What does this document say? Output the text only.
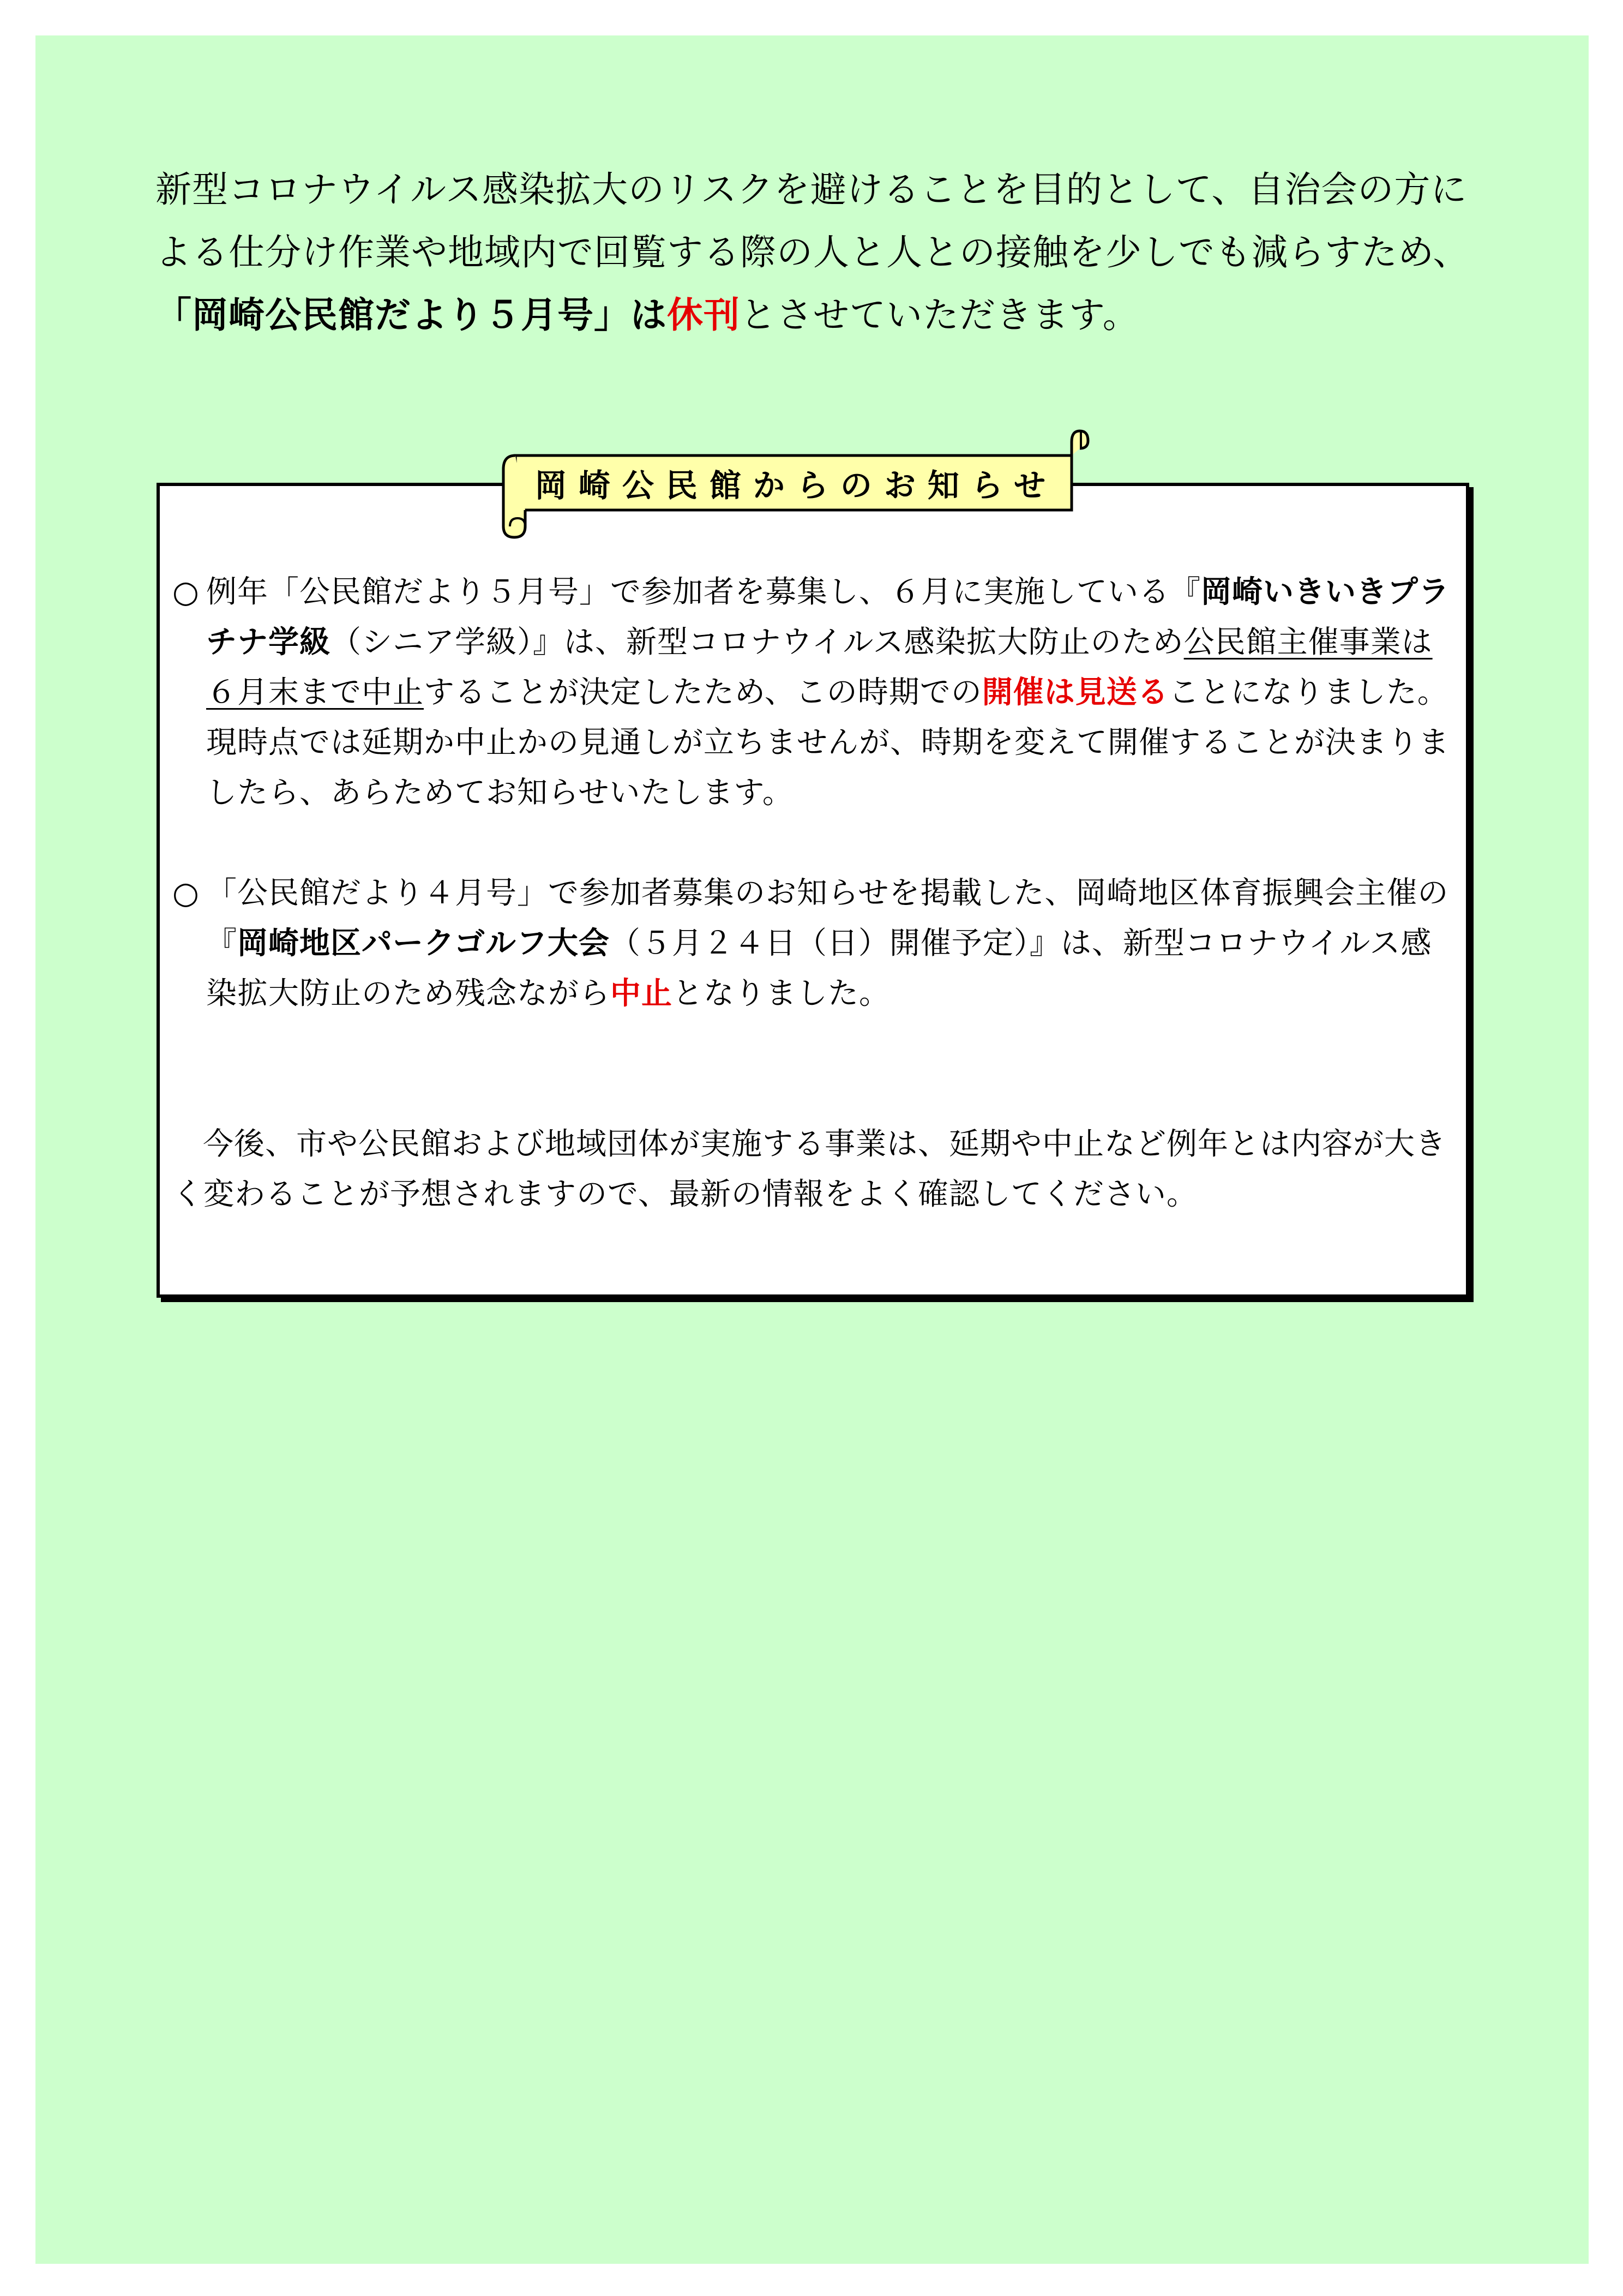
新型コロナウイルス感染拡大のリスクを避けることを目的として、自治会の方による仕分け作業や地域内で回覧する際の人と人との接触を少しでも減らすため、「岡崎公民館だより５月号」は休刊とさせていただきます。

岡崎公民館からのお知らせ
○ 例年「公民館だより５月号」で参加者を募集し、６月に実施している『岡崎いきいきプラチナ学級（シニア学級）』は、新型コロナウイルス感染拡大防止のため公民館主催事業は６月末まで中止することが決定したため、この時期での開催は見送ることになりました。

現時点では延期か中止かの見通しが立ちませんが、時期を変えて開催することが決まりましたら、あらためてお知らせいたします。

○ 「公民館だより４月号」で参加者募集のお知らせを掲載した、岡崎地区体育振興会主催の『岡崎地区パークゴルフ大会（５月２４日（日）開催予定）』は、新型コロナウイルス感染拡大防止のため残念ながら中止となりました。

今後、市や公民館および地域団体が実施する事業は、延期や中止など例年とは内容が大きく変わることが予想されますので、最新の情報をよく確認してください。
